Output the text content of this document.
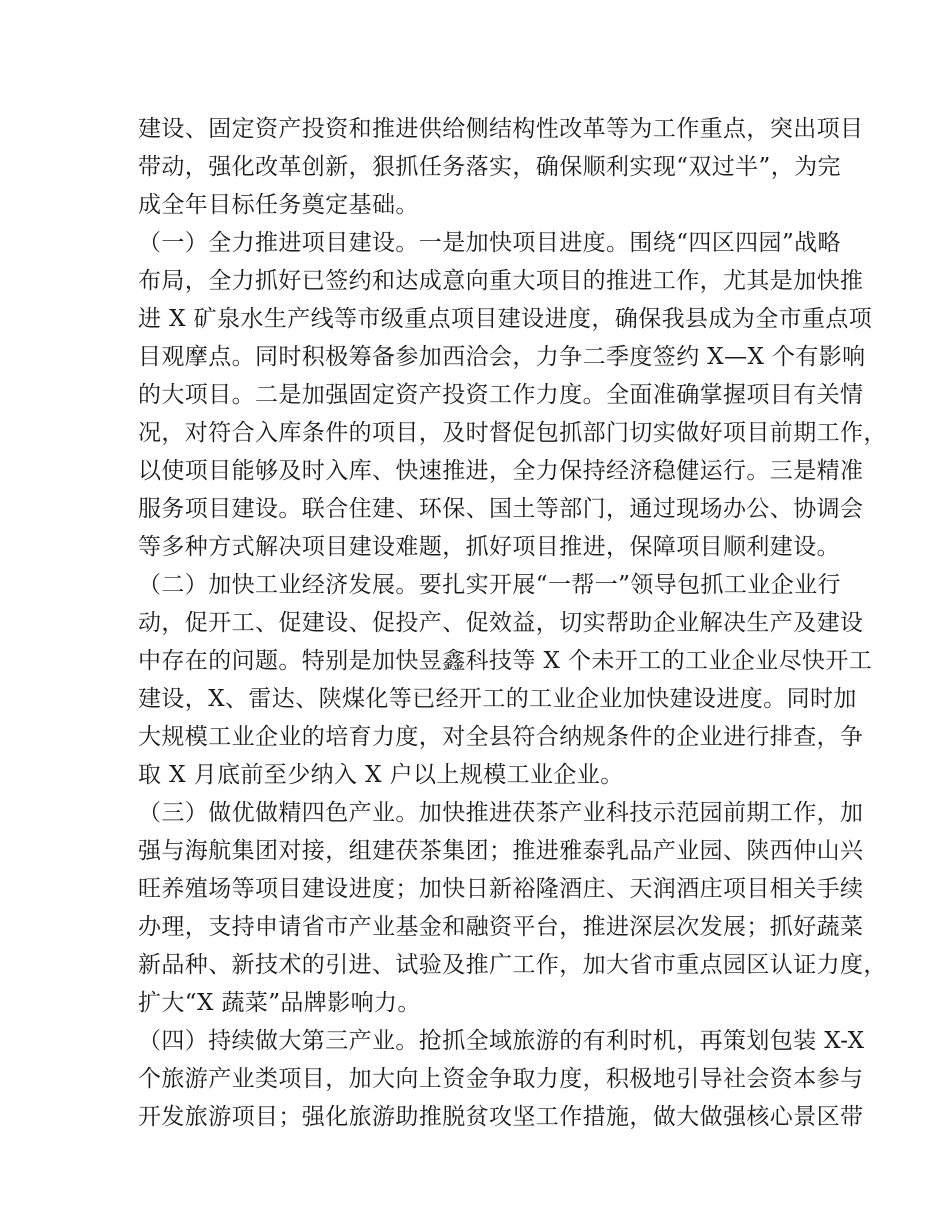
建设、固定资产投资和推进供给侧结构性改革等为工作重点，突出项目
带动，强化改革创新，狠抓任务落实，确保顺利实现“双过半”，为完
成全年目标任务奠定基础。
（一）全力推进项目建设。一是加快项目进度。围绕“四区四园”战略
布局，全力抓好已签约和达成意向重大项目的推进工作，尤其是加快推
进 X 矿泉水生产线等市级重点项目建设进度，确保我县成为全市重点项
目观摩点。同时积极筹备参加西洽会，力争二季度签约 X—X 个有影响
的大项目。二是加强固定资产投资工作力度。全面准确掌握项目有关情
况，对符合入库条件的项目，及时督促包抓部门切实做好项目前期工作，
以使项目能够及时入库、快速推进，全力保持经济稳健运行。三是精准
服务项目建设。联合住建、环保、国土等部门，通过现场办公、协调会
等多种方式解决项目建设难题，抓好项目推进，保障项目顺利建设。
（二）加快工业经济发展。要扎实开展“一帮一”领导包抓工业企业行
动，促开工、促建设、促投产、促效益，切实帮助企业解决生产及建设
中存在的问题。特别是加快昱鑫科技等 X 个未开工的工业企业尽快开工
建设，X、雷达、陕煤化等已经开工的工业企业加快建设进度。同时加
大规模工业企业的培育力度，对全县符合纳规条件的企业进行排查，争
取 X 月底前至少纳入 X 户以上规模工业企业。
（三）做优做精四色产业。加快推进茯茶产业科技示范园前期工作，加
强与海航集团对接，组建茯茶集团；推进雅泰乳品产业园、陕西仲山兴
旺养殖场等项目建设进度；加快日新裕隆酒庄、天润酒庄项目相关手续
办理，支持申请省市产业基金和融资平台，推进深层次发展；抓好蔬菜
新品种、新技术的引进、试验及推广工作，加大省市重点园区认证力度，
扩大“X 蔬菜”品牌影响力。
（四）持续做大第三产业。抢抓全域旅游的有利时机，再策划包装 X-X
个旅游产业类项目，加大向上资金争取力度，积极地引导社会资本参与
开发旅游项目；强化旅游助推脱贫攻坚工作措施，做大做强核心景区带
